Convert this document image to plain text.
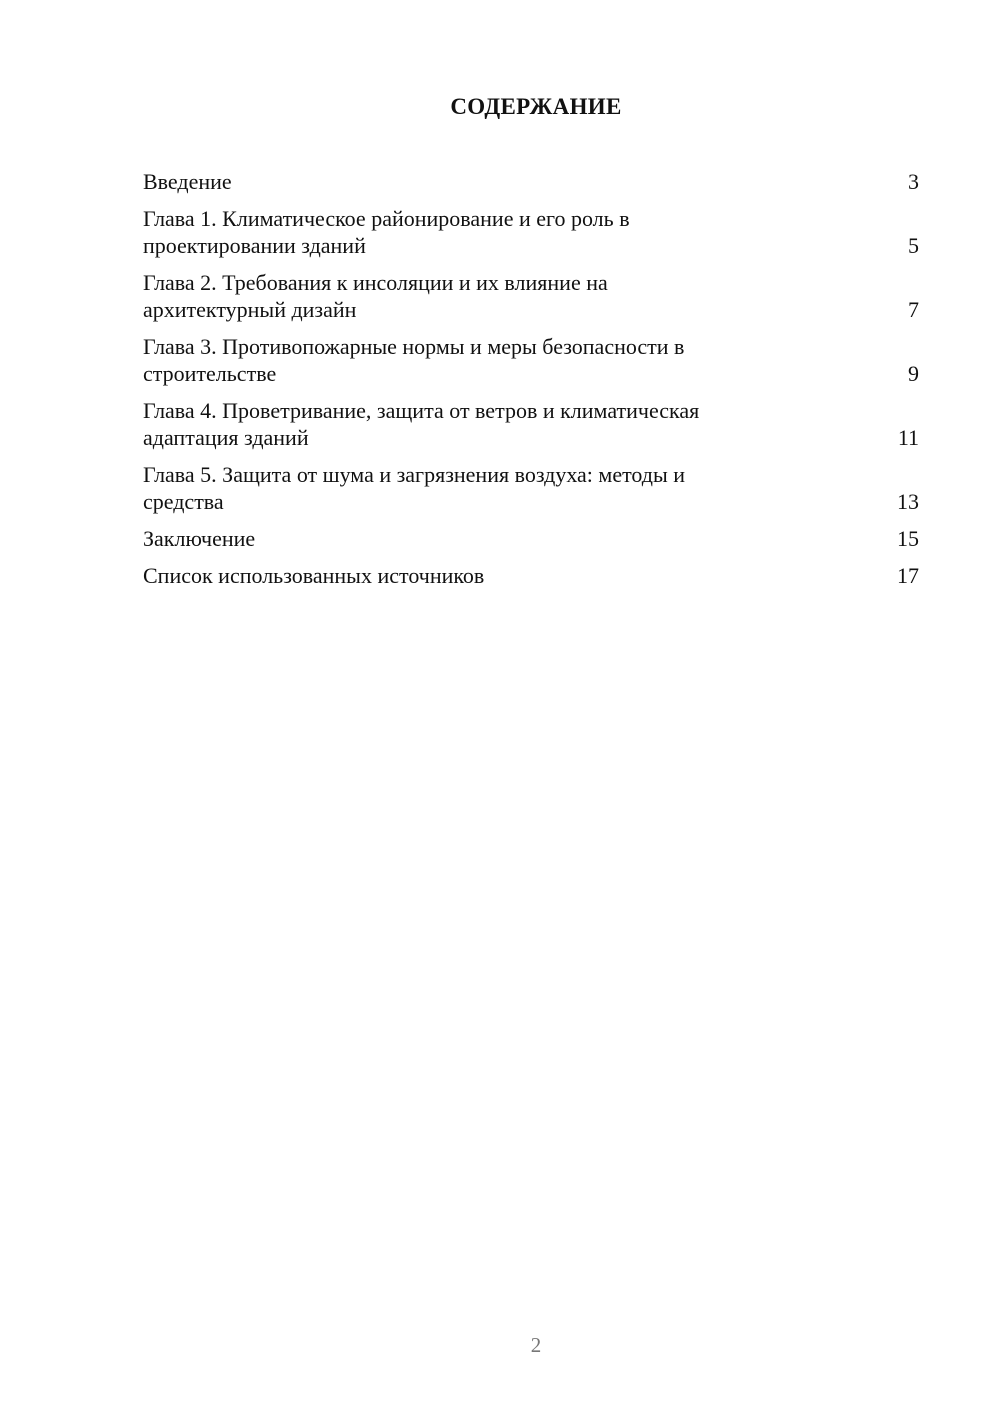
СОДЕРЖАНИЕ
Введение	3
Глава 1. Климатическое районирование и его роль в
проектировании зданий	5
Глава 2. Требования к инсоляции и их влияние на
архитектурный дизайн	7
Глава 3. Противопожарные нормы и меры безопасности в
строительстве	9
Глава 4. Проветривание, защита от ветров и климатическая
адаптация зданий	11
Глава 5. Защита от шума и загрязнения воздуха: методы и
средства	13
Заключение	15
Список использованных источников	17
2
